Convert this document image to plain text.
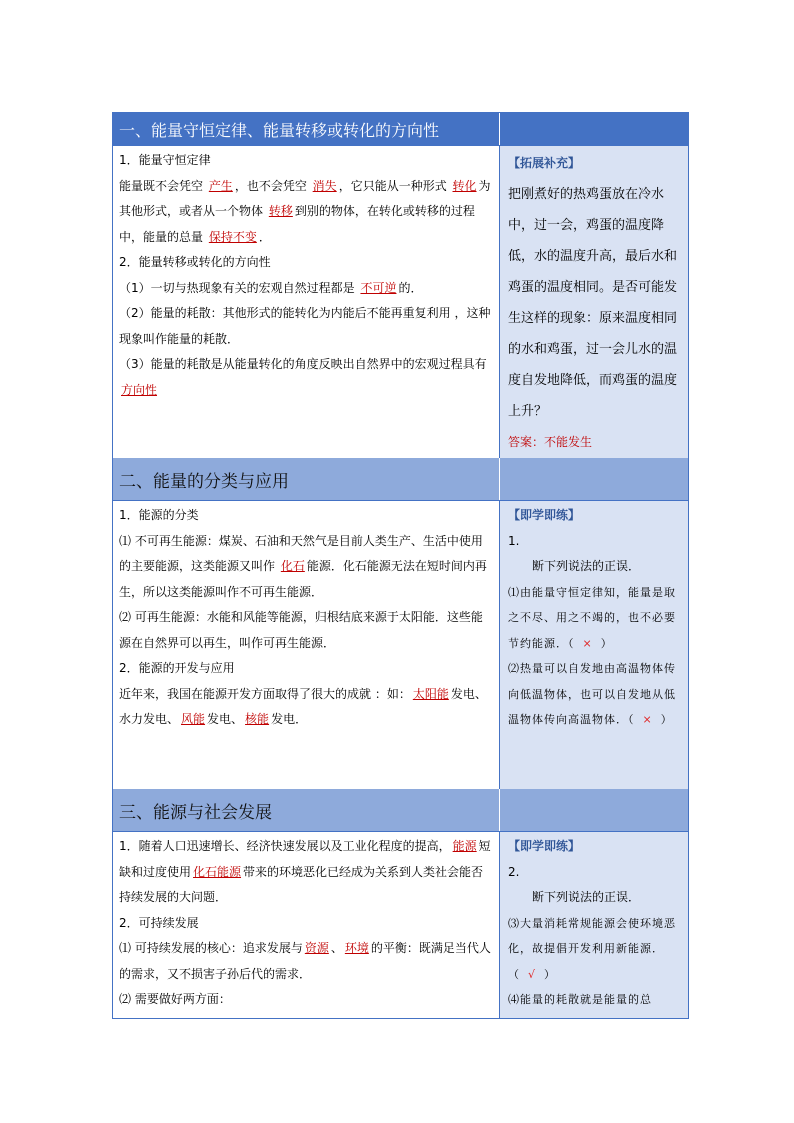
一、能量守恒定律、能量转移或转化的方向性

1．能量守恒定律

能量既不会凭空 产生 ，也不会凭空 消失 ，它只能从一种形式 转化 为其他形式，或者从一个物体 转移 到别的物体，在转化或转移的过程中，能量的总量 保持不变 ．

2．能量转移或转化的方向性

（1）一切与热现象有关的宏观自然过程都是 不可逆 的．

（2）能量的耗散：其他形式的能转化为内能后不能再重复利用 ，这种现象叫作能量的耗散．

（3）能量的耗散是从能量转化的角度反映出自然界中的宏观过程具有方向性

【拓展补充】

把刚煮好的热鸡蛋放在冷水中，过一会，鸡蛋的温度降低，水的温度升高，最后水和鸡蛋的温度相同。是否可能发生这样的现象：原来温度相同的水和鸡蛋，过一会儿水的温度自发地降低，而鸡蛋的温度上升？

答案：不能发生

二、能量的分类与应用

1．能源的分类

⑴ 不可再生能源：煤炭、石油和天然气是目前人类生产、生活中使用的主要能源，这类能源又叫作 化石 能源．化石能源无法在短时间内再生，所以这类能源叫作不可再生能源．

⑵ 可再生能源：水能和风能等能源，归根结底来源于太阳能．这些能源在自然界可以再生，叫作可再生能源．

2．能源的开发与应用

近年来，我国在能源开发方面取得了很大的成就 ：如： 太阳能 发电、水力发电、 风能 发电、 核能 发电．

【即学即练】

1.

断下列说法的正误．

⑴由能量守恒定律知，能量是取之不尽、用之不竭的，也不必要节约能源．（ × ）

⑵热量可以自发地由高温物体传向低温物体，也可以自发地从低温物体传向高温物体．（ × ）

三、能源与社会发展

1．随着人口迅速增长、经济快速发展以及工业化程度的提高， 能源 短缺和过度使用 化石能源 带来的环境恶化已经成为关系到人类社会能否持续发展的大问题．

2．可持续发展

⑴ 可持续发展的核心：追求发展与 资源 、 环境 的平衡：既满足当代人的需求，又不损害子孙后代的需求．

⑵ 需要做好两方面：

【即学即练】

2.

断下列说法的正误．

⑶大量消耗常规能源会使环境恶化，故提倡开发利用新能源．（ √ ）

⑷能量的耗散就是能量的总
